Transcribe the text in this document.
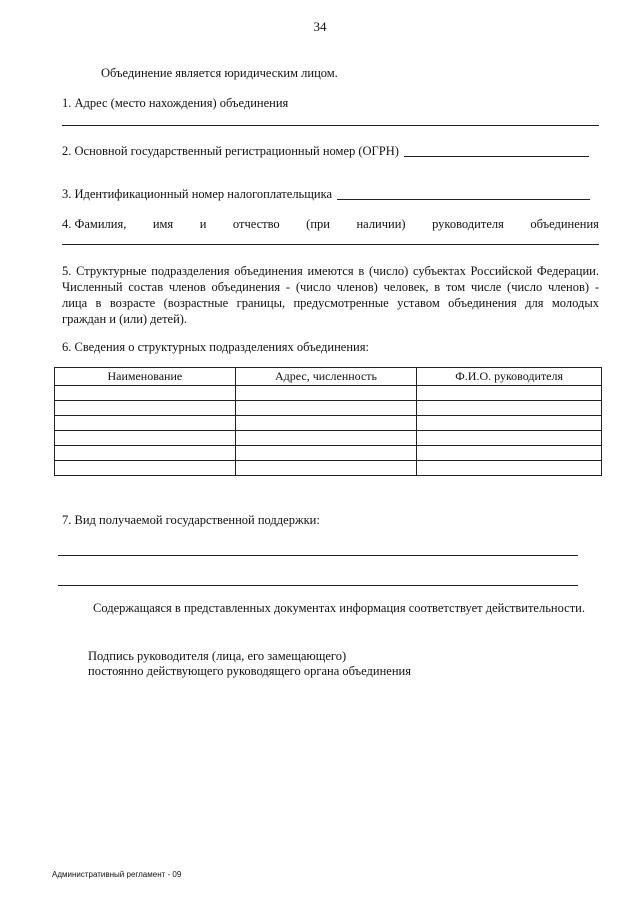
34
Объединение является юридическим лицом.
1. Адрес (место нахождения) объединения
2. Основной государственный регистрационный номер (ОГРН)
3. Идентификационный номер налогоплательщика
4. Фамилия, имя и отчество (при наличии) руководителя объединения
5. Структурные подразделения объединения имеются в (число) субъектах Российской Федерации.
Численный состав членов объединения - (число членов) человек, в том числе (число членов) -
лица в возрасте (возрастные границы, предусмотренные уставом объединения для молодых
граждан и (или) детей).
6. Сведения о структурных подразделениях объединения:
Наименование	Адрес, численность	Ф.И.О. руководителя

7. Вид получаемой государственной поддержки:
Содержащаяся в представленных документах информация соответствует действительности.
Подпись руководителя (лица, его замещающего)
постоянно действующего руководящего органа объединения
Административный регламент - 09
